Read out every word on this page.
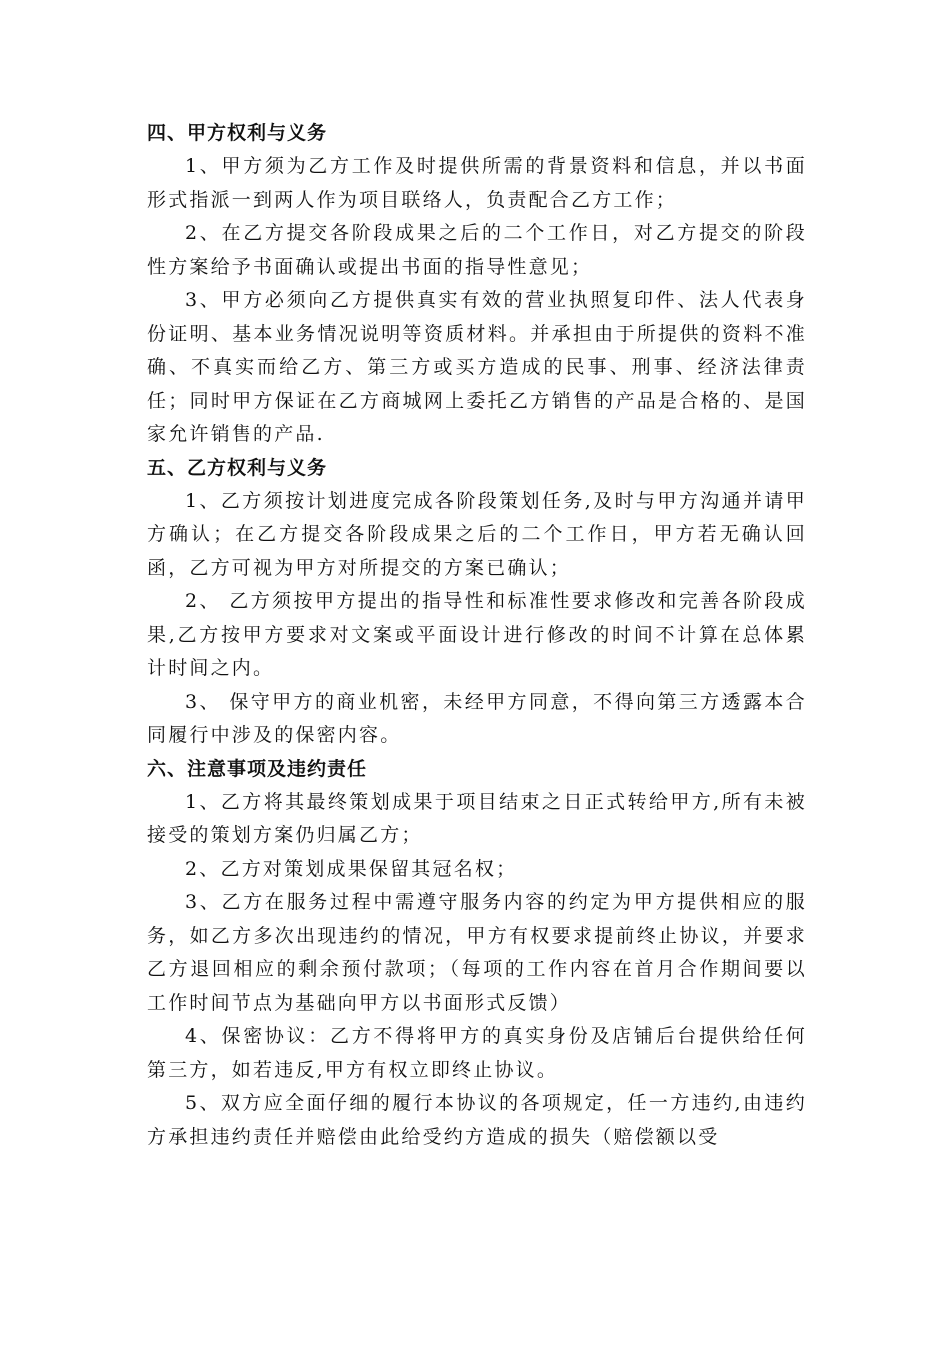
四、甲方权利与义务

1、甲方须为乙方工作及时提供所需的背景资料和信息，并以书面形式指派一到两人作为项目联络人，负责配合乙方工作；

2、在乙方提交各阶段成果之后的二个工作日，对乙方提交的阶段性方案给予书面确认或提出书面的指导性意见；

3、甲方必须向乙方提供真实有效的营业执照复印件、法人代表身份证明、基本业务情况说明等资质材料。并承担由于所提供的资料不准确、不真实而给乙方、第三方或买方造成的民事、刑事、经济法律责任；同时甲方保证在乙方商城网上委托乙方销售的产品是合格的、是国家允许销售的产品.

五、乙方权利与义务

1、乙方须按计划进度完成各阶段策划任务,及时与甲方沟通并请甲方确认；在乙方提交各阶段成果之后的二个工作日，甲方若无确认回函，乙方可视为甲方对所提交的方案已确认；

2、 乙方须按甲方提出的指导性和标准性要求修改和完善各阶段成果,乙方按甲方要求对文案或平面设计进行修改的时间不计算在总体累计时间之内。

3、 保守甲方的商业机密，未经甲方同意，不得向第三方透露本合同履行中涉及的保密内容。

六、注意事项及违约责任

1、乙方将其最终策划成果于项目结束之日正式转给甲方,所有未被接受的策划方案仍归属乙方；

2、乙方对策划成果保留其冠名权；

3、乙方在服务过程中需遵守服务内容的约定为甲方提供相应的服务，如乙方多次出现违约的情况，甲方有权要求提前终止协议，并要求乙方退回相应的剩余预付款项；（每项的工作内容在首月合作期间要以工作时间节点为基础向甲方以书面形式反馈）

4、保密协议：乙方不得将甲方的真实身份及店铺后台提供给任何第三方，如若违反,甲方有权立即终止协议。

5、双方应全面仔细的履行本协议的各项规定，任一方违约,由违约方承担违约责任并赔偿由此给受约方造成的损失（赔偿额以受
